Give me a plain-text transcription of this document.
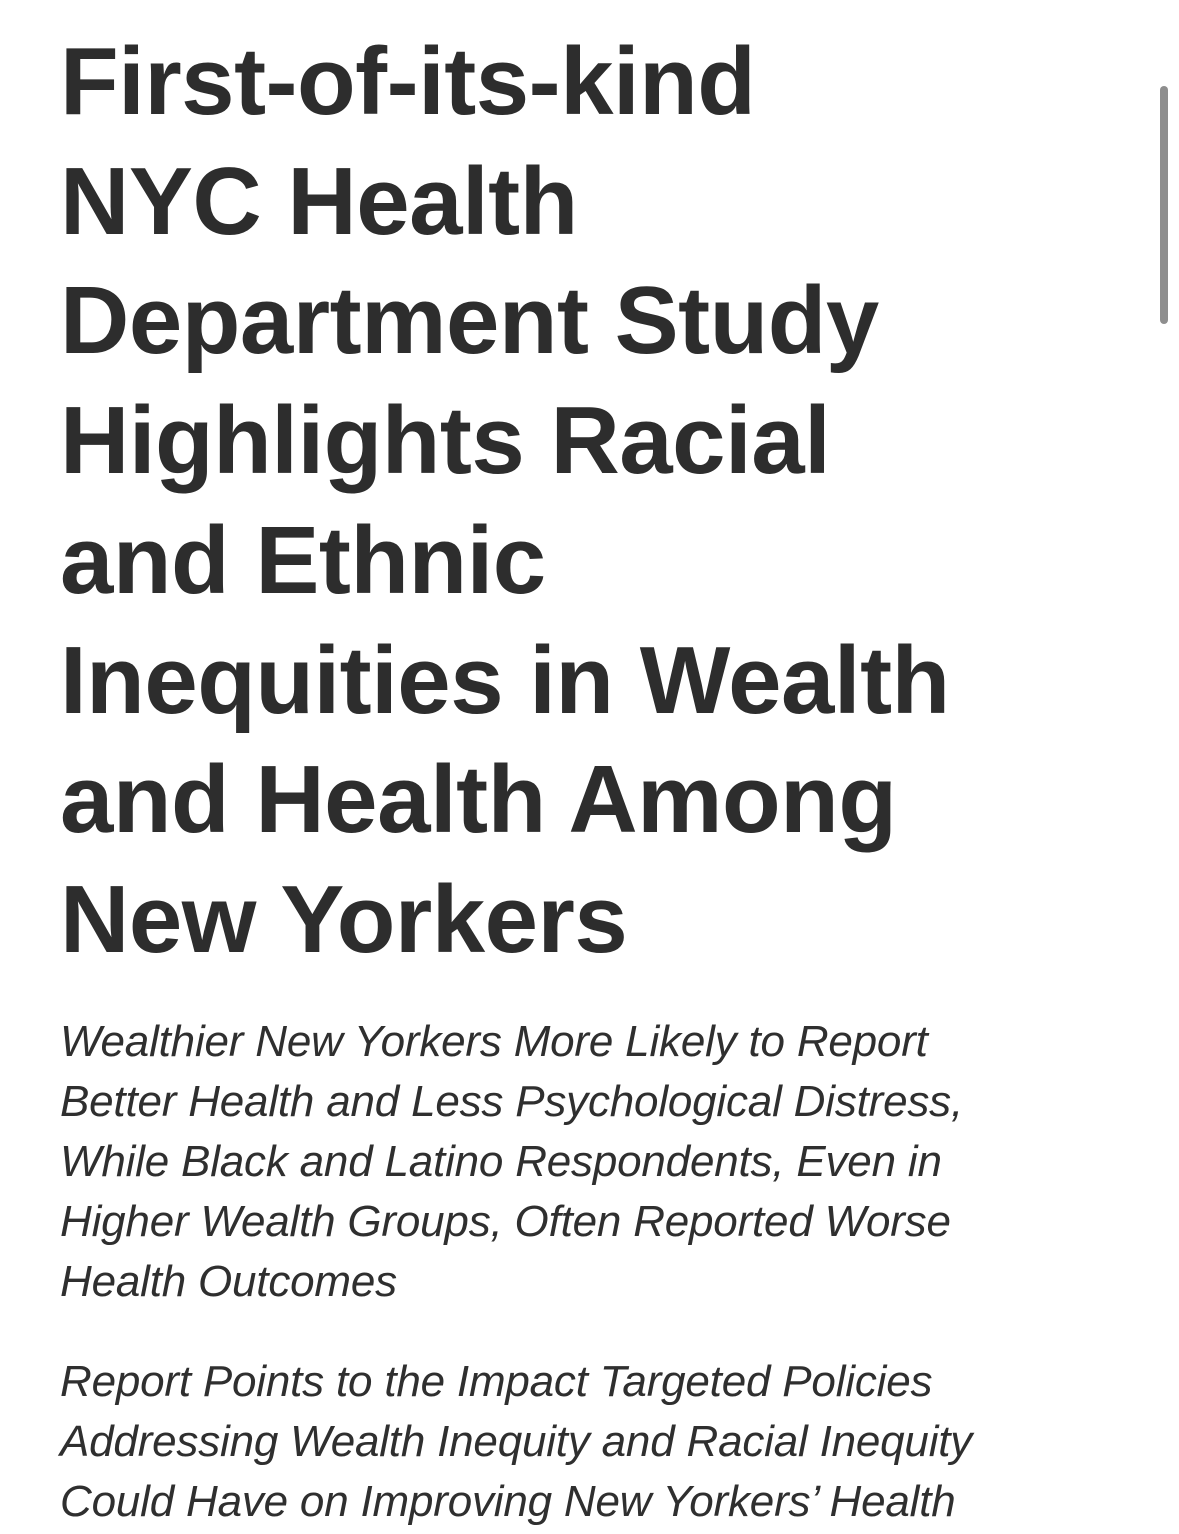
First-of-its-kind
NYC Health
Department Study
Highlights Racial
and Ethnic
Inequities in Wealth
and Health Among
New Yorkers

Wealthier New Yorkers More Likely to Report
Better Health and Less Psychological Distress,
While Black and Latino Respondents, Even in
Higher Wealth Groups, Often Reported Worse
Health Outcomes

Report Points to the Impact Targeted Policies
Addressing Wealth Inequity and Racial Inequity
Could Have on Improving New Yorkers’ Health
